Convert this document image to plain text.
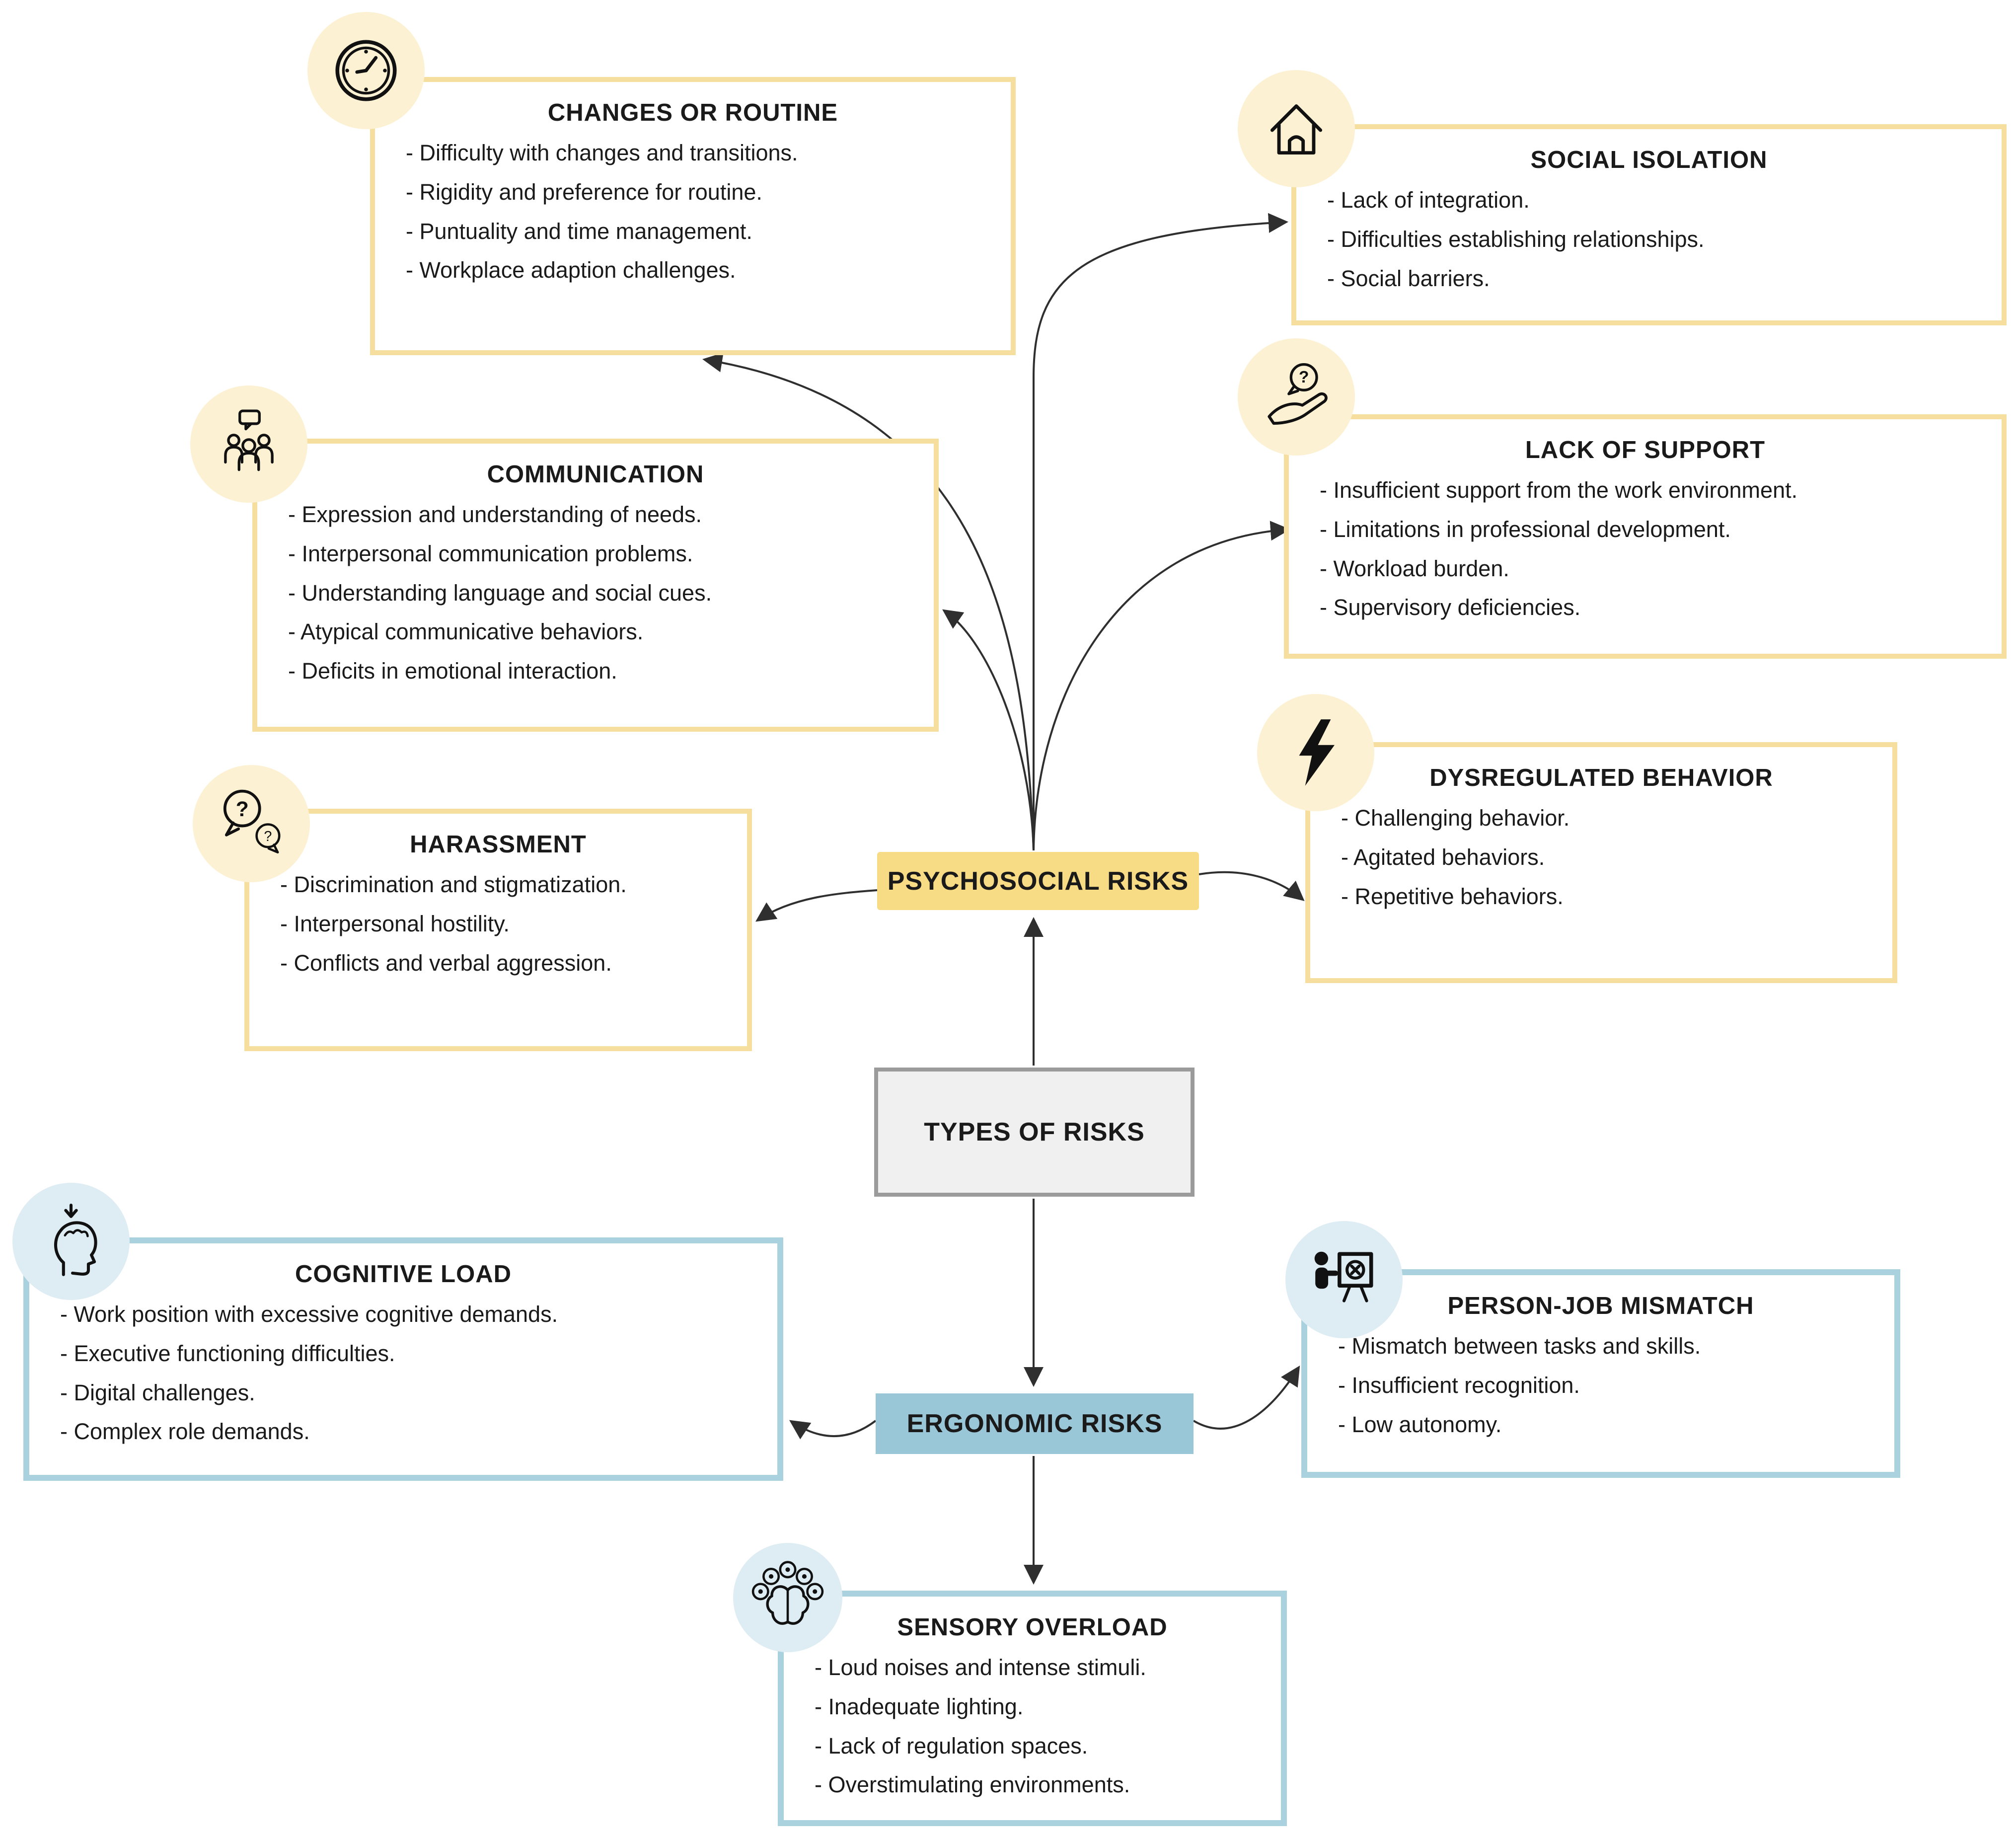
CHANGES OR ROUTINE
- Difficulty with changes and transitions.
- Rigidity and preference for routine.
- Puntuality and time management.
- Workplace adaption challenges.
SOCIAL ISOLATION
- Lack of integration.
- Difficulties establishing relationships.
- Social barriers.
COMMUNICATION
- Expression and understanding of needs.
- Interpersonal communication problems.
- Understanding language and social cues.
- Atypical communicative behaviors.
- Deficits in emotional interaction.
LACK OF SUPPORT
- Insufficient support from the work environment.
- Limitations in professional development.
- Workload burden.
- Supervisory deficiencies.
?
HARASSMENT
- Discrimination and stigmatization.
- Interpersonal hostility.
- Conflicts and verbal aggression.
?
?
DYSREGULATED BEHAVIOR
- Challenging behavior.
- Agitated behaviors.
- Repetitive behaviors.
PSYCHOSOCIAL RISKS
TYPES OF RISKS
ERGONOMIC RISKS
COGNITIVE LOAD
- Work position with excessive cognitive demands.
- Executive functioning difficulties.
- Digital challenges.
- Complex role demands.
PERSON-JOB MISMATCH
- Mismatch between tasks and skills.
- Insufficient recognition.
- Low autonomy.
SENSORY OVERLOAD
- Loud noises and intense stimuli.
- Inadequate lighting.
- Lack of regulation spaces.
- Overstimulating environments.
